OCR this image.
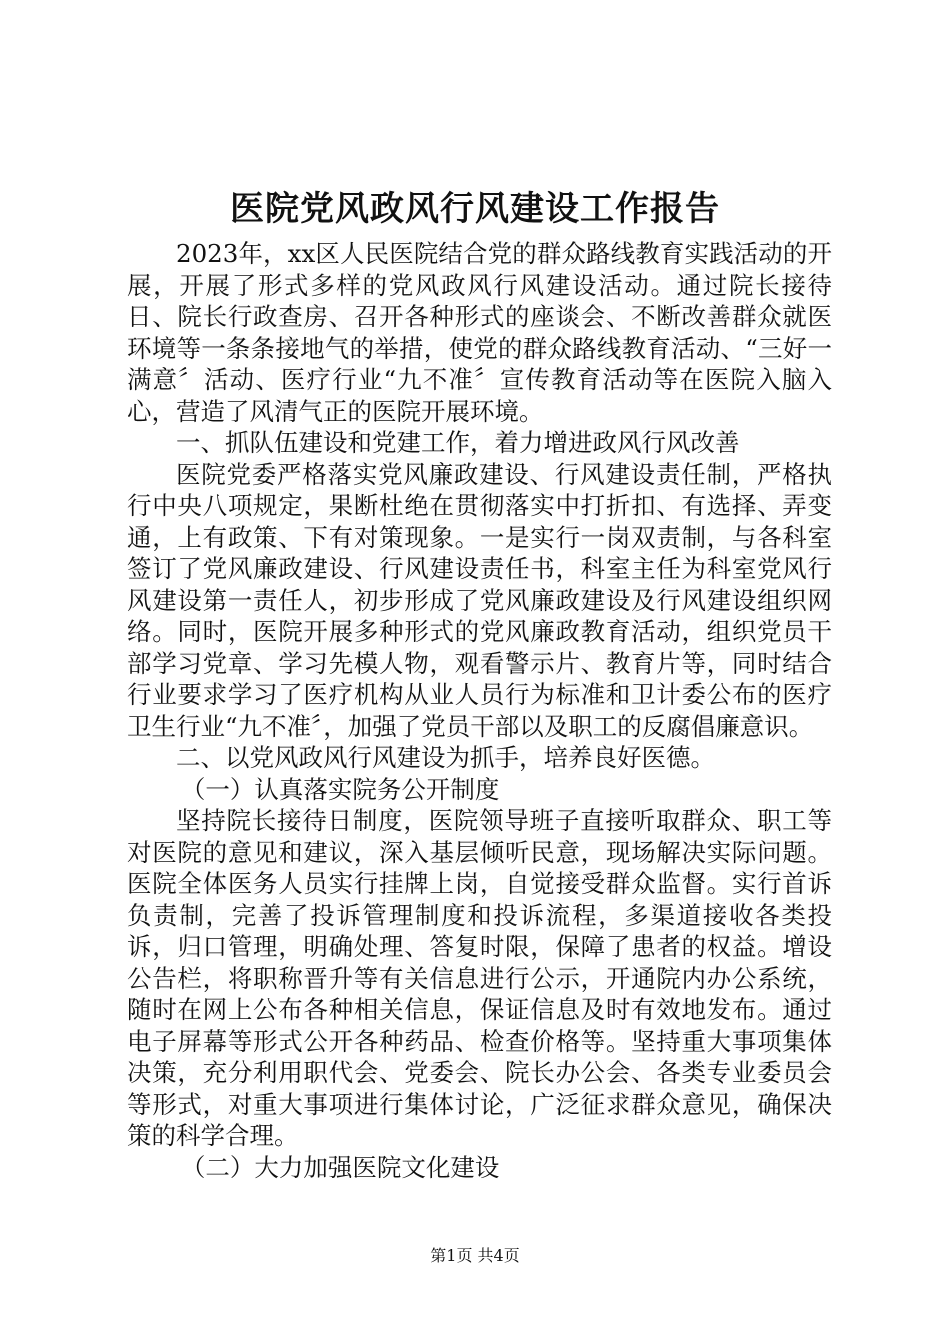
医院党风政风行风建设工作报告

2023年，xx区人民医院结合党的群众路线教育实践活动的开展，开展了形式多样的党风政风行风建设活动。通过院长接待日、院长行政查房、召开各种形式的座谈会、不断改善群众就医环境等一条条接地气的举措，使党的群众路线教育活动、“三好一满意〞活动、医疗行业“九不准〞宣传教育活动等在医院入脑入心，营造了风清气正的医院开展环境。

一、抓队伍建设和党建工作，着力增进政风行风改善

医院党委严格落实党风廉政建设、行风建设责任制，严格执行中央八项规定，果断杜绝在贯彻落实中打折扣、有选择、弄变通，上有政策、下有对策现象。一是实行一岗双责制，与各科室签订了党风廉政建设、行风建设责任书，科室主任为科室党风行风建设第一责任人，初步形成了党风廉政建设及行风建设组织网络。同时，医院开展多种形式的党风廉政教育活动，组织党员干部学习党章、学习先模人物，观看警示片、教育片等，同时结合行业要求学习了医疗机构从业人员行为标准和卫计委公布的医疗卫生行业“九不准〞，加强了党员干部以及职工的反腐倡廉意识。

二、以党风政风行风建设为抓手，培养良好医德。

（一）认真落实院务公开制度

坚持院长接待日制度，医院领导班子直接听取群众、职工等对医院的意见和建议，深入基层倾听民意，现场解决实际问题。医院全体医务人员实行挂牌上岗，自觉接受群众监督。实行首诉负责制，完善了投诉管理制度和投诉流程，多渠道接收各类投诉，归口管理，明确处理、答复时限，保障了患者的权益。增设公告栏，将职称晋升等有关信息进行公示，开通院内办公系统，随时在网上公布各种相关信息，保证信息及时有效地发布。通过电子屏幕等形式公开各种药品、检查价格等。坚持重大事项集体决策，充分利用职代会、党委会、院长办公会、各类专业委员会等形式，对重大事项进行集体讨论，广泛征求群众意见，确保决策的科学合理。

（二）大力加强医院文化建设

第1页 共4页
